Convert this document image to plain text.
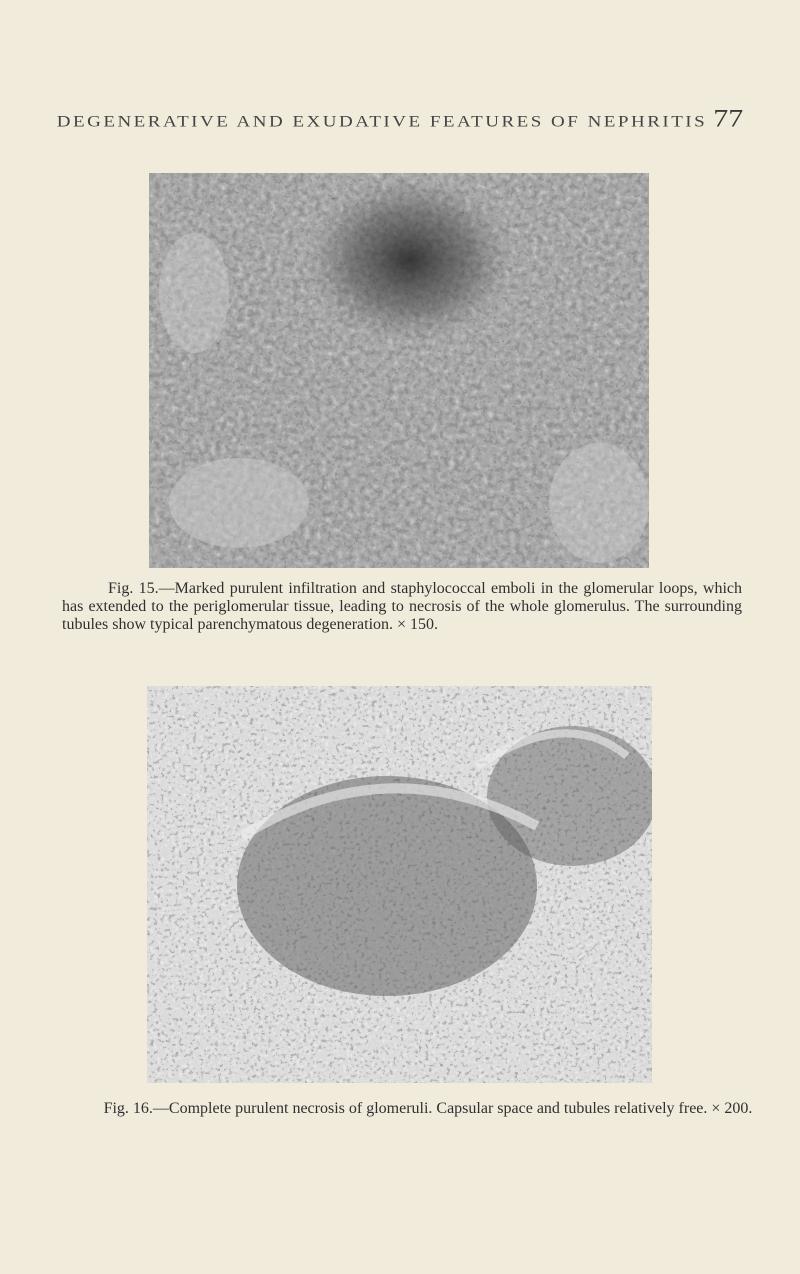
DEGENERATIVE AND EXUDATIVE FEATURES OF NEPHRITIS 77
Fig. 15.—Marked purulent infiltration and staphylococcal emboli in the glomerular loops, which has extended to the periglomerular tissue, leading to necrosis of the whole glomerulus. The surrounding tubules show typical parenchymatous degeneration. × 150.
Fig. 16.—Complete purulent necrosis of glomeruli. Capsular space and tubules relatively free. × 200.
